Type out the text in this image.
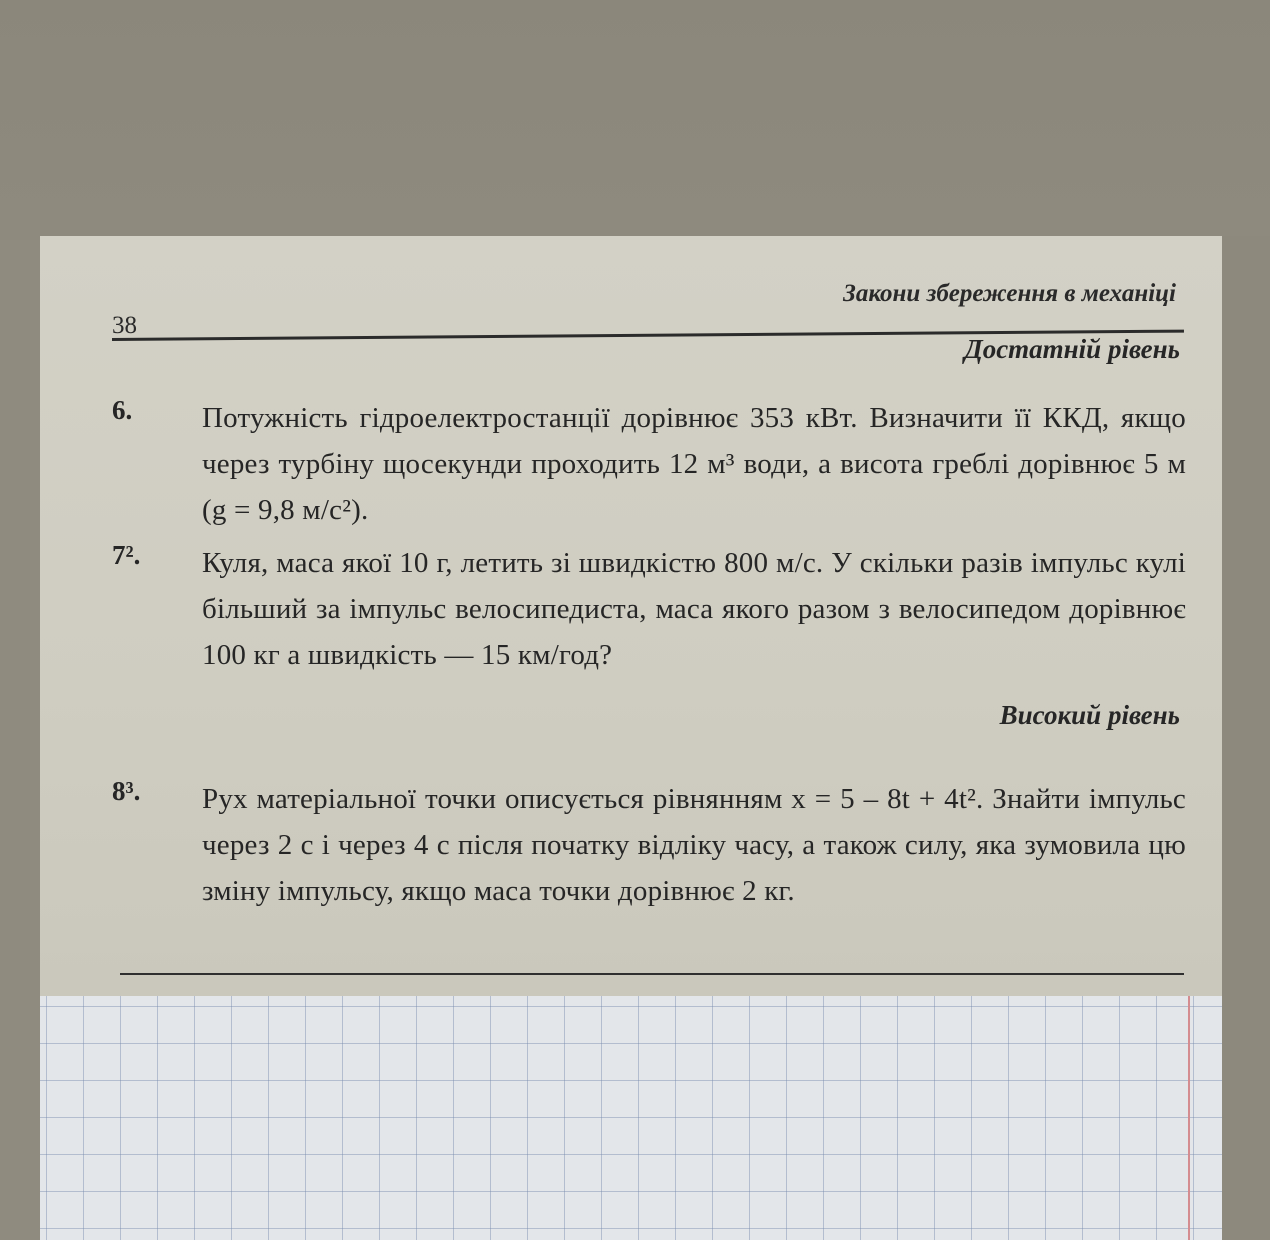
Закони збереження в механіці
38
Достатній рівень
6. Потужність гідроелектростанції дорівнює 353 кВт. Визначити її ККД, якщо через турбіну щосекунди проходить 12 м³ води, а висота греблі дорівнює 5 м (g = 9,8 м/с²).
7². Куля, маса якої 10 г, летить зі швидкістю 800 м/с. У скільки разів імпульс кулі більший за імпульс велосипедиста, маса якого разом з велосипедом дорівнює 100 кг а швидкість — 15 км/год?
Високий рівень
8³. Рух матеріальної точки описується рівнянням x = 5 – 8t + 4t². Знайти імпульс через 2 с і через 4 с після початку відліку часу, а також силу, яка зумовила цю зміну імпульсу, якщо маса точки дорівнює 2 кг.
